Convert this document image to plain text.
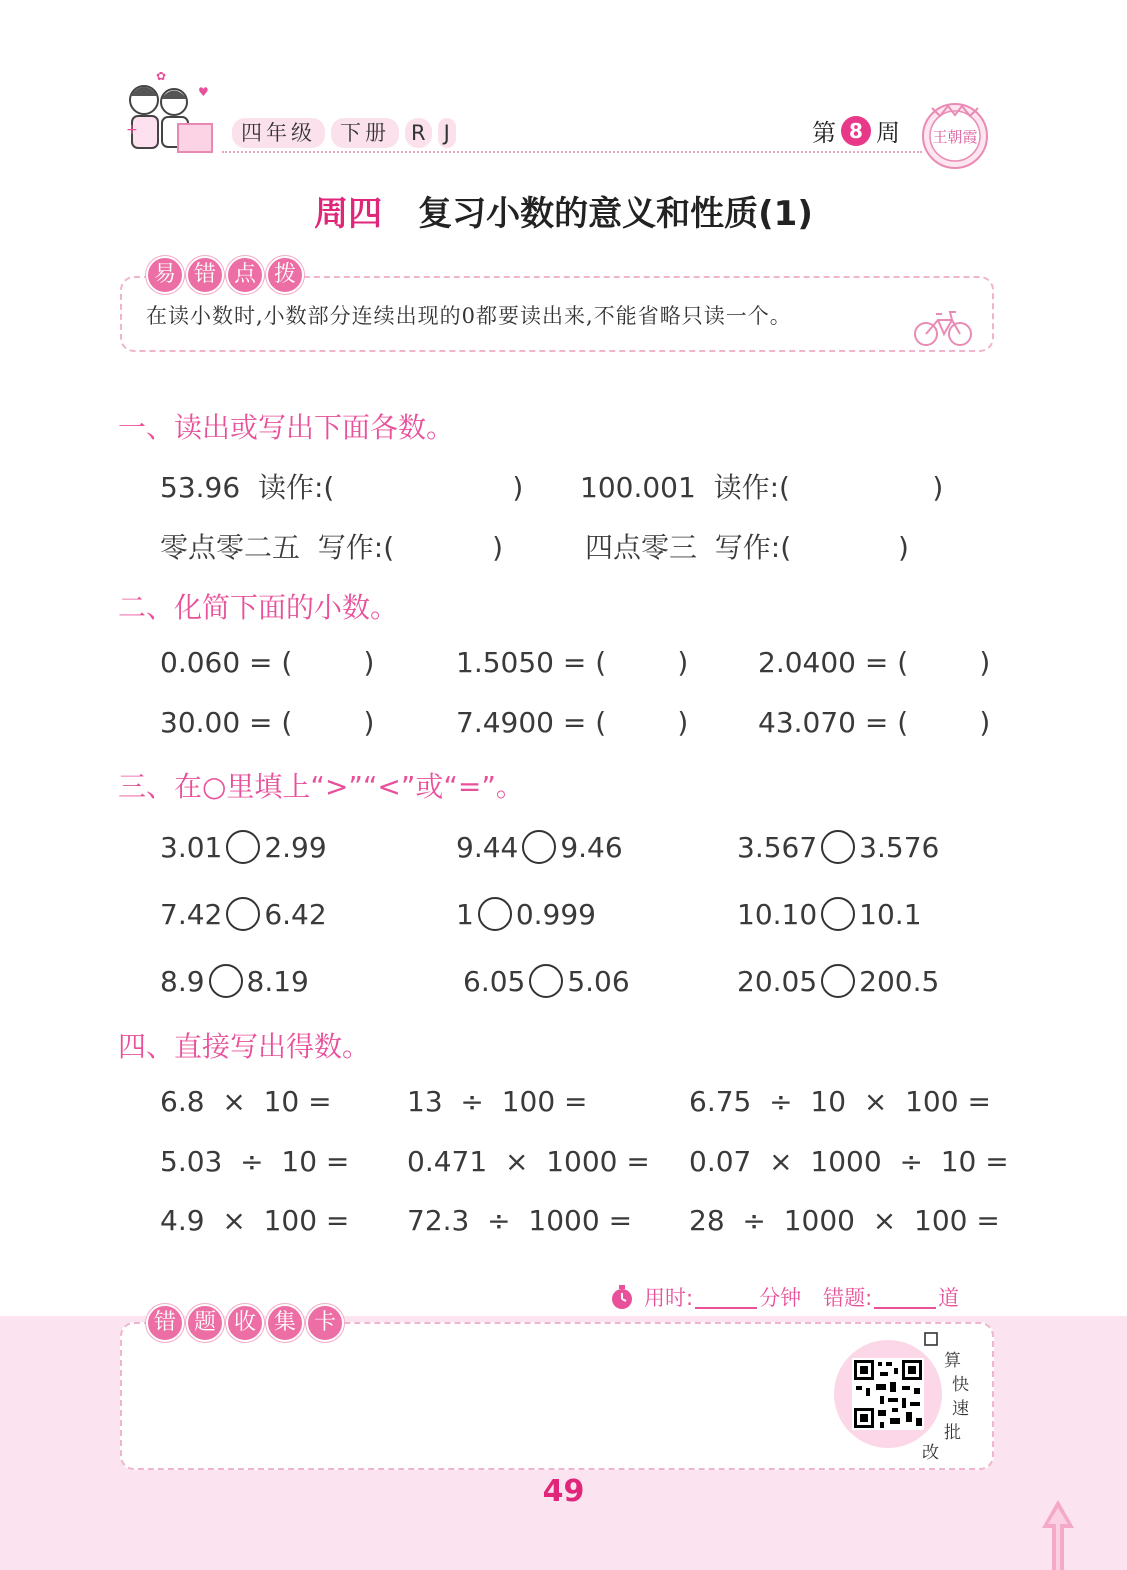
+
♥
✿
四年级	下册	R J	第 8 周 王朝霞
周四 复习小数的意义和性质(1)
易 错 点 拨
在读小数时,小数部分连续出现的0都要读出来,不能省略只读一个。
一、读出或写出下面各数。
53.96  读作:(                    ) 100.001  读作:(                )
零点零二五  写作:(           )	四点零三  写作:(            )
二、化简下面的小数。
0.060 = (        )	1.5050 = (        ) 2.0400 = (        )
30.00 = (        )	7.4900 = (        ) 43.070 = (        )
三、在○里填上“>”“<”或“=”。
3.01 2.99	9.44 9.46	3.567 3.576
7.42 6.42	1 0.999	10.10 10.1
8.9 8.19	6.05 5.06	20.05 200.5
四、直接写出得数。
6.8  ×  10 =	13  ÷  100 =	6.75  ÷  10  ×  100 =
5.03  ÷  10 = 0.471  ×  1000 = 0.07  ×  1000  ÷  10 =
4.9  ×  100 = 72.3  ÷  1000 = 28  ÷  1000  ×  100 =
用时:	分钟 错题:	道
错 题 收 集 卡
算
快
速
批
改
49
